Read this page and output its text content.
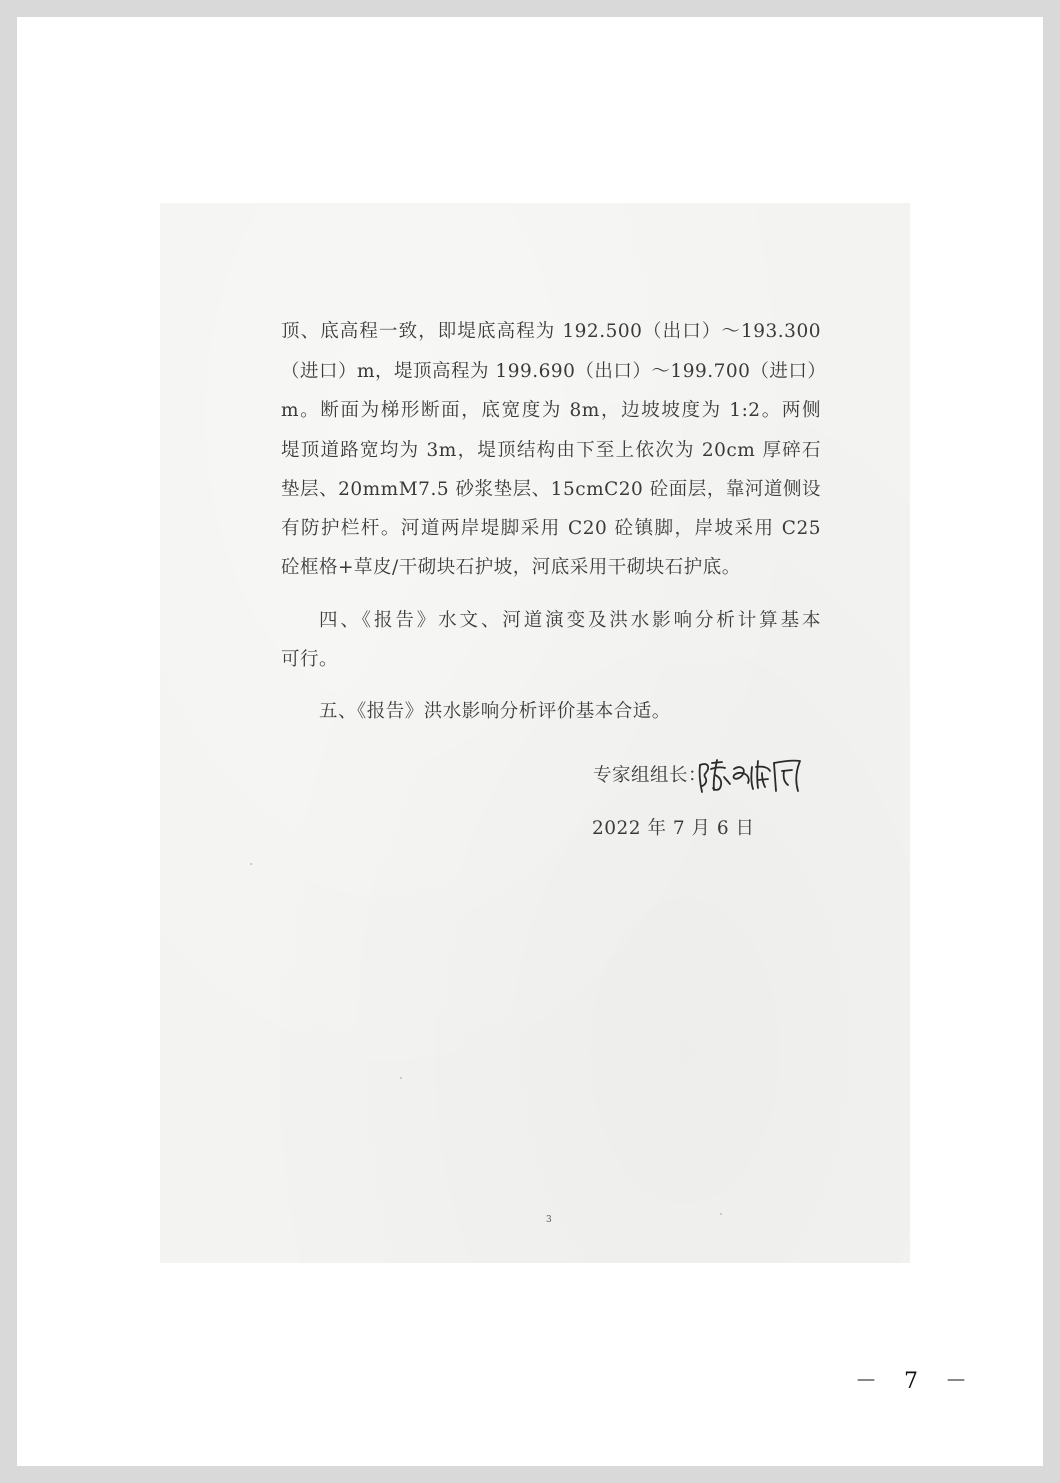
顶、底高程一致，即堤底高程为 192.500（出口）～193.300
（进口）m，堤顶高程为 199.690（出口）～199.700（进口）
m。断面为梯形断面，底宽度为 8m，边坡坡度为 1:2。两侧
堤顶道路宽均为 3m，堤顶结构由下至上依次为 20cm 厚碎石
垫层、20mmM7.5 砂浆垫层、15cmC20 砼面层，靠河道侧设
有防护栏杆。河道两岸堤脚采用 C20 砼镇脚，岸坡采用 C25
砼框格+草皮/干砌块石护坡，河底采用干砌块石护底。
四、《报告》水文、河道演变及洪水影响分析计算基本
可行。
五、《报告》洪水影响分析评价基本合适。
专家组组长：
2022 年 7 月 6 日
3
－ 7 －
